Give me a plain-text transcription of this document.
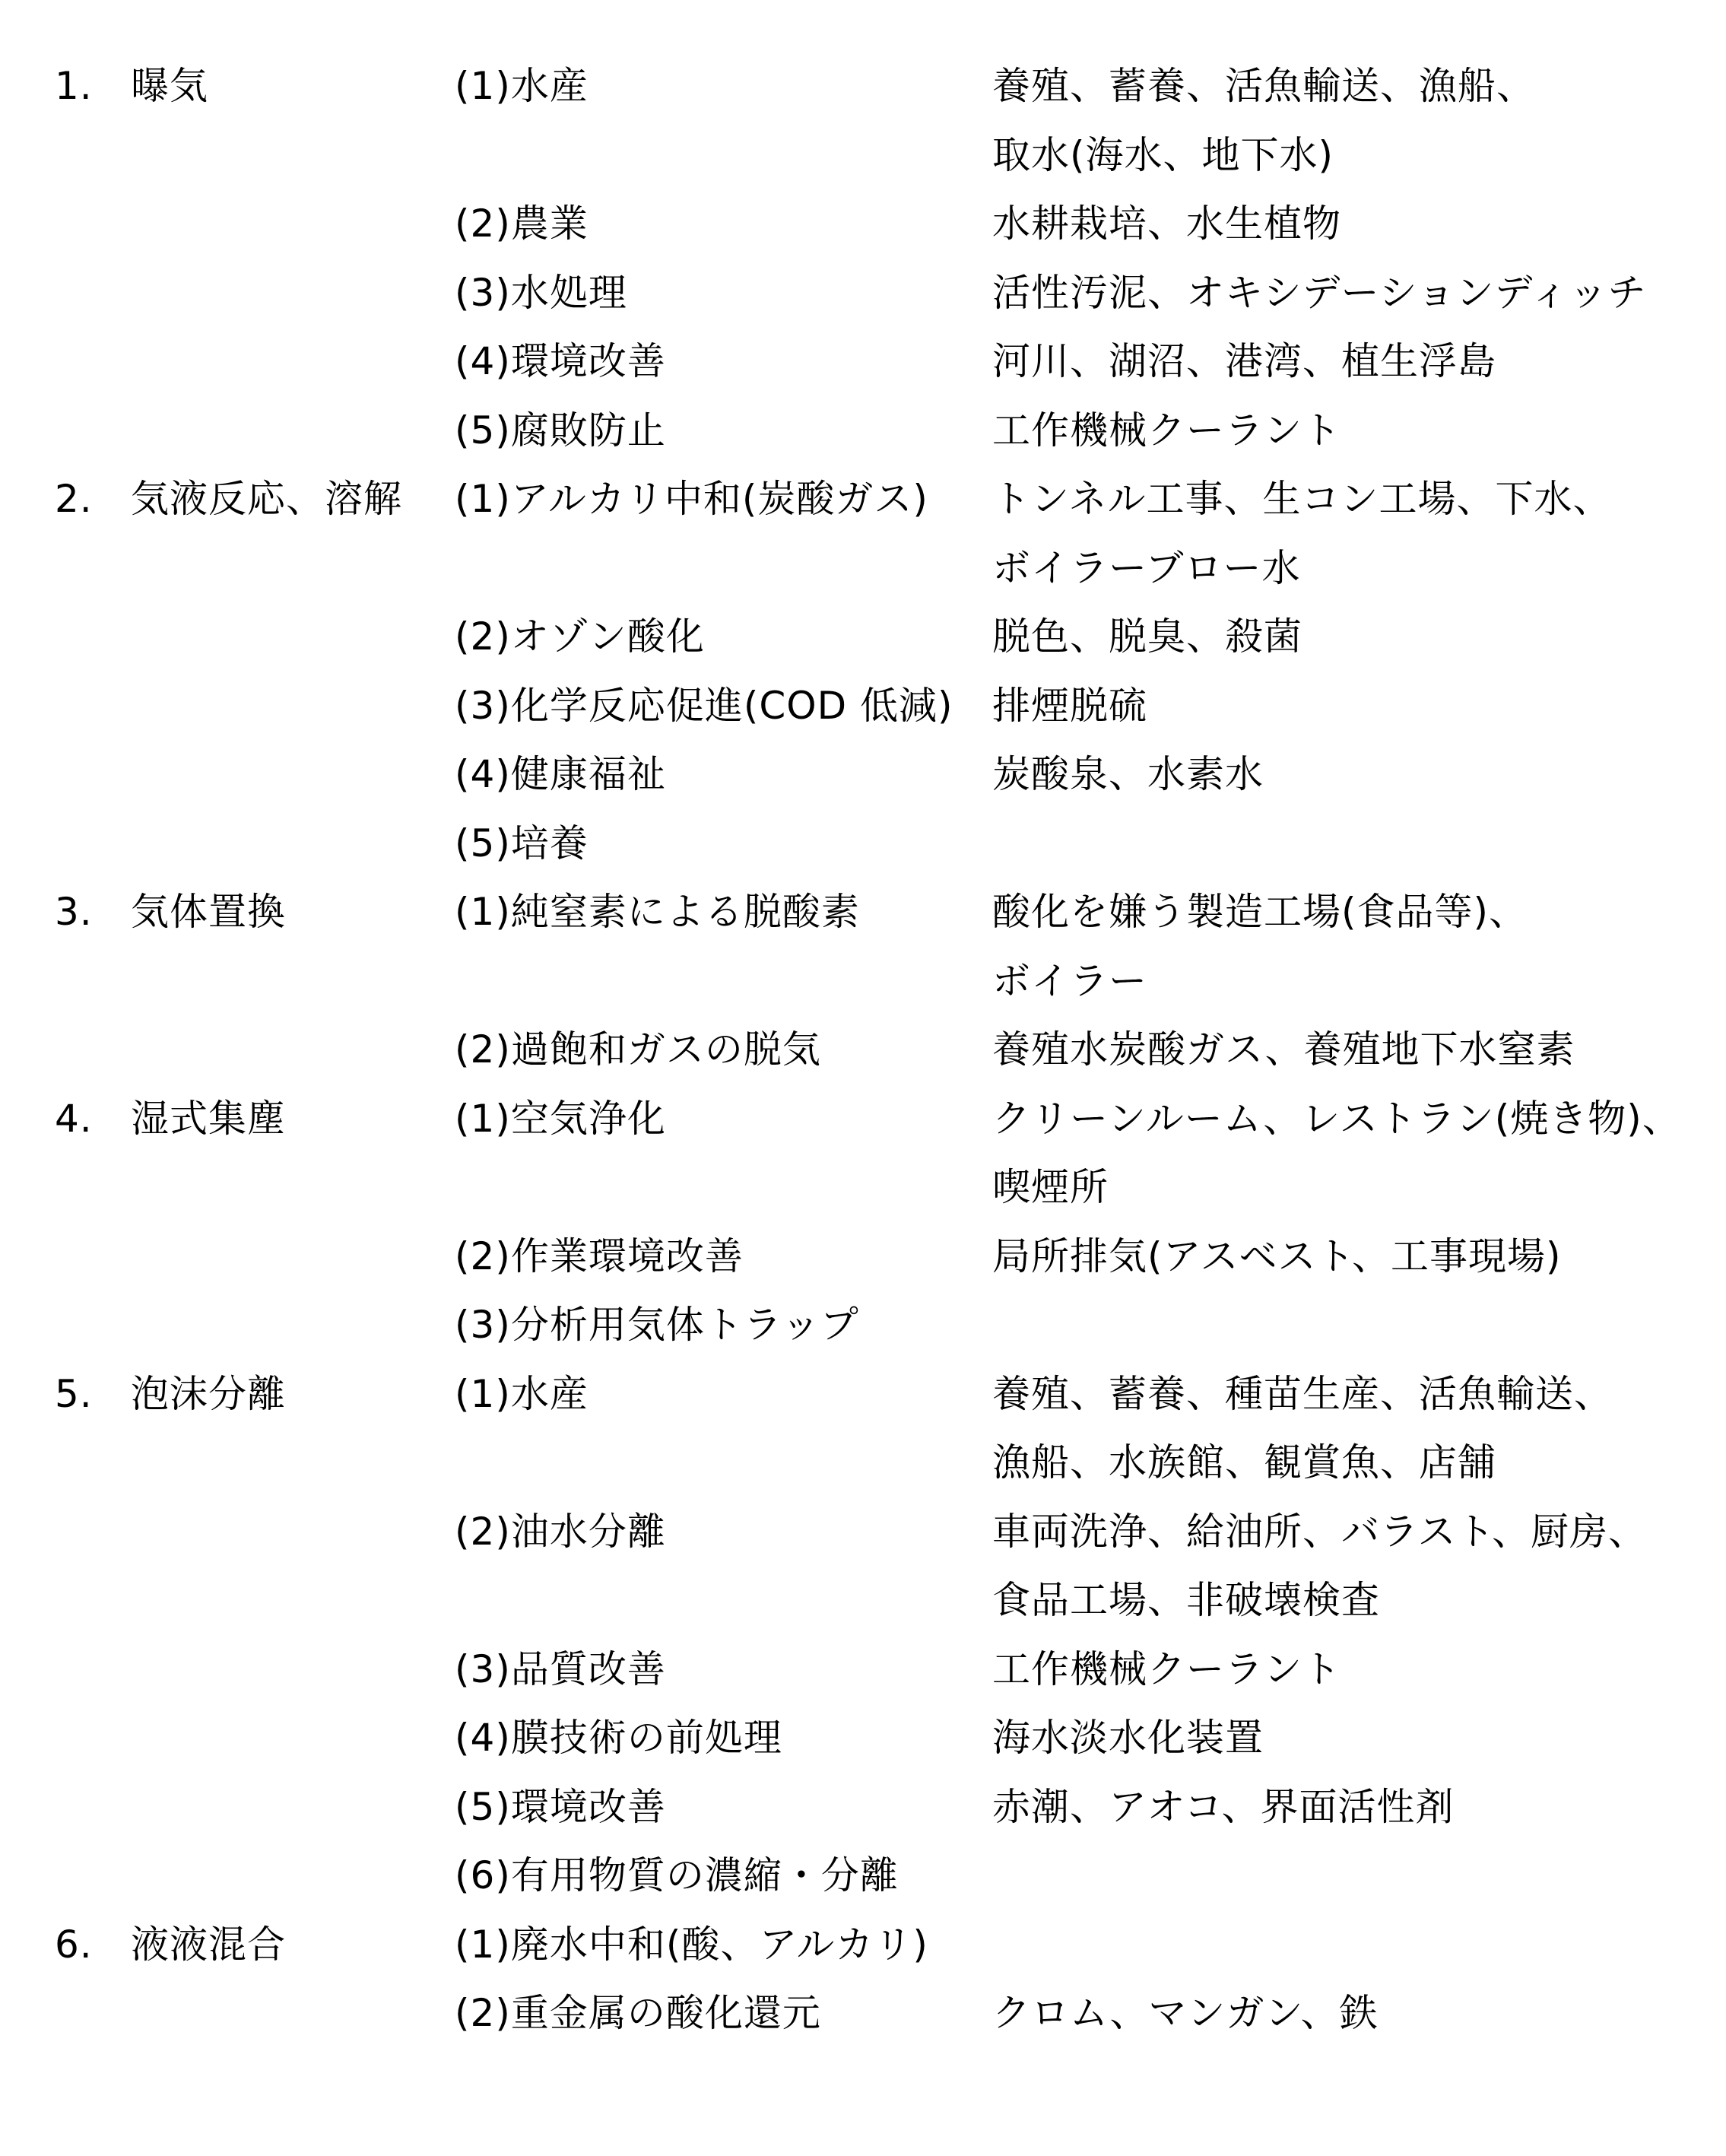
1. 曝気	(1)水産	養殖、蓄養、活魚輸送、漁船、
取水(海水、地下水)
(2)農業	水耕栽培、水生植物
(3)水処理	活性汚泥、オキシデーションディッチ
(4)環境改善	河川、湖沼、港湾、植生浮島
(5)腐敗防止	工作機械クーラント
2. 気液反応、溶解 (1)アルカリ中和(炭酸ガス) トンネル工事、生コン工場、下水、
ボイラーブロー水
(2)オゾン酸化	脱色、脱臭、殺菌
(3)化学反応促進(COD 低減) 排煙脱硫
(4)健康福祉	炭酸泉、水素水
(5)培養
3. 気体置換	(1)純窒素による脱酸素	酸化を嫌う製造工場(食品等)、
ボイラー
(2)過飽和ガスの脱気	養殖水炭酸ガス、養殖地下水窒素
4. 湿式集塵	(1)空気浄化	クリーンルーム、レストラン(焼き物)、
喫煙所
(2)作業環境改善	局所排気(アスベスト、工事現場)
(3)分析用気体トラップ
5. 泡沫分離	(1)水産	養殖、蓄養、種苗生産、活魚輸送、
漁船、水族館、観賞魚、店舗
(2)油水分離	車両洗浄、給油所、バラスト、厨房、
食品工場、非破壊検査
(3)品質改善	工作機械クーラント
(4)膜技術の前処理	海水淡水化装置
(5)環境改善	赤潮、アオコ、界面活性剤
(6)有用物質の濃縮・分離
6. 液液混合	(1)廃水中和(酸、アルカリ)
(2)重金属の酸化還元	クロム、マンガン、鉄
